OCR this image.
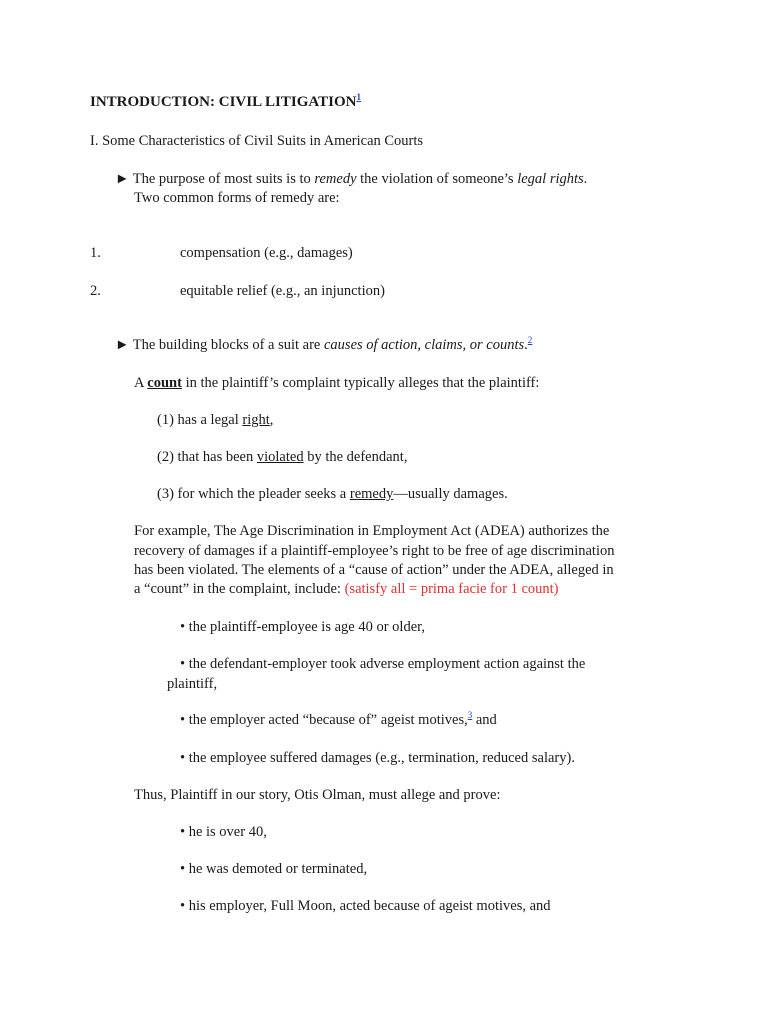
INTRODUCTION: CIVIL LITIGATION$^1$
I. Some Characteristics of Civil Suits in American Courts
► The purpose of most suits is to remedy the violation of someone’s legal rights.
Two common forms of remedy are:
1.	compensation (e.g., damages)
2.	equitable relief (e.g., an injunction)
► The building blocks of a suit are causes of action, claims, or counts.$^2$
A count in the plaintiff’s complaint typically alleges that the plaintiff:
(1) has a legal right,
(2) that has been violated by the defendant,
(3) for which the pleader seeks a remedy—usually damages.
For example, The Age Discrimination in Employment Act (ADEA) authorizes the
recovery of damages if a plaintiff-employee’s right to be free of age discrimination
has been violated. The elements of a “cause of action” under the ADEA, alleged in
a “count” in the complaint, include: (satisfy all = prima facie for 1 count)
• the plaintiff-employee is age 40 or older,
• the defendant-employer took adverse employment action against the
plaintiff,
• the employer acted “because of” ageist motives,$^3$ and
• the employee suffered damages (e.g., termination, reduced salary).
Thus, Plaintiff in our story, Otis Olman, must allege and prove:
• he is over 40,
• he was demoted or terminated,
• his employer, Full Moon, acted because of ageist motives, and
